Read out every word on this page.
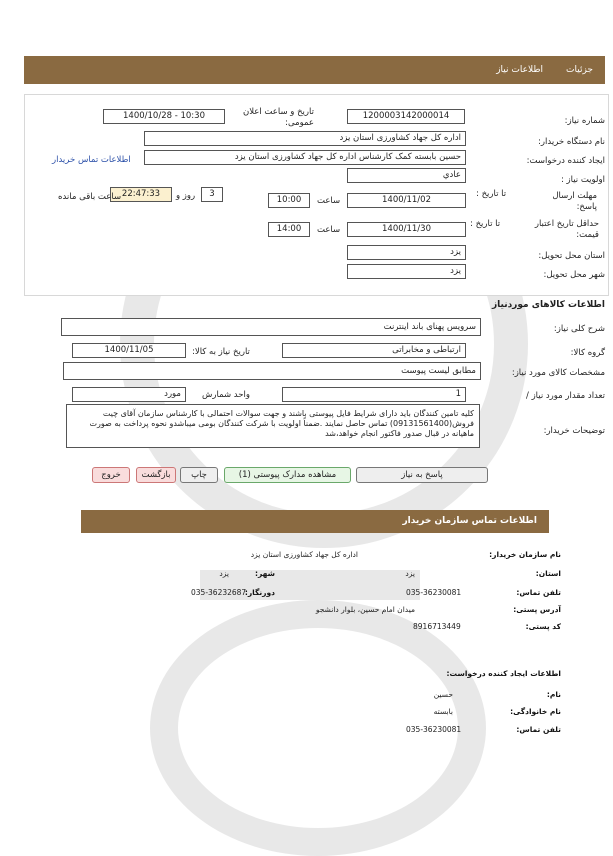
جزئیات
اطلاعات نیاز
شماره نیاز:
1200003142000014
تاریخ و ساعت اعلان عمومی:
1400/10/28 - 10:30
نام دستگاه خریدار:
اداره کل جهاد کشاورزی استان یزد
ایجاد کننده درخواست:
حسین بابسته کمک کارشناس اداره کل جهاد کشاورزی استان یزد
اطلاعات تماس خریدار
اولویت نیاز :
عادي
مهلت ارسال پاسخ:
تا تاریخ :
1400/11/02
ساعت
10:00
3
روز و
22:47:33
ساعت باقی مانده
حداقل تاریخ اعتبار قیمت:
تا تاریخ :
1400/11/30
ساعت
14:00
استان محل تحویل:
یزد
شهر محل تحویل:
یزد
اطلاعات کالاهای موردنیاز
شرح کلی نیاز:
سرویس پهنای باند اینترنت
گروه کالا:
ارتباطی و مخابراتی
تاریخ نیاز به کالا:
1400/11/05
مشخصات کالای مورد نیاز:
مطابق لیست پیوست
تعداد مقدار مورد نیاز /
1
واحد شمارش
مورد
توضیحات خریدار:
کلیه تامین کنندگان باید دارای شرایط فایل پیوستی باشند و جهت سوالات احتمالی با کارشناس سازمان آقای چیت فروش(09131561400) تماس حاصل نمایند .ضمناً اولویت با شرکت کنندگان بومی میباشدو نحوه پرداخت به صورت ماهیانه در قبال صدور فاکتور انجام خواهد،شد
پاسخ به نیاز
مشاهده مدارک پیوستی (1)
چاپ
بازگشت
خروج
اطلاعات تماس سازمان خریدار
نام سازمان خریدار:
اداره کل جهاد کشاورزی استان یزد
استان:
یزد
شهر:
یزد
تلفن تماس:
035-36230081
دورنگار:
035-36232687
آدرس پستی:
میدان امام حسین، بلوار دانشجو
کد پستی:
8916713449
اطلاعات ایجاد کننده درخواست:
نام:
حسین
نام خانوادگی:
بابسته
تلفن تماس:
035-36230081
